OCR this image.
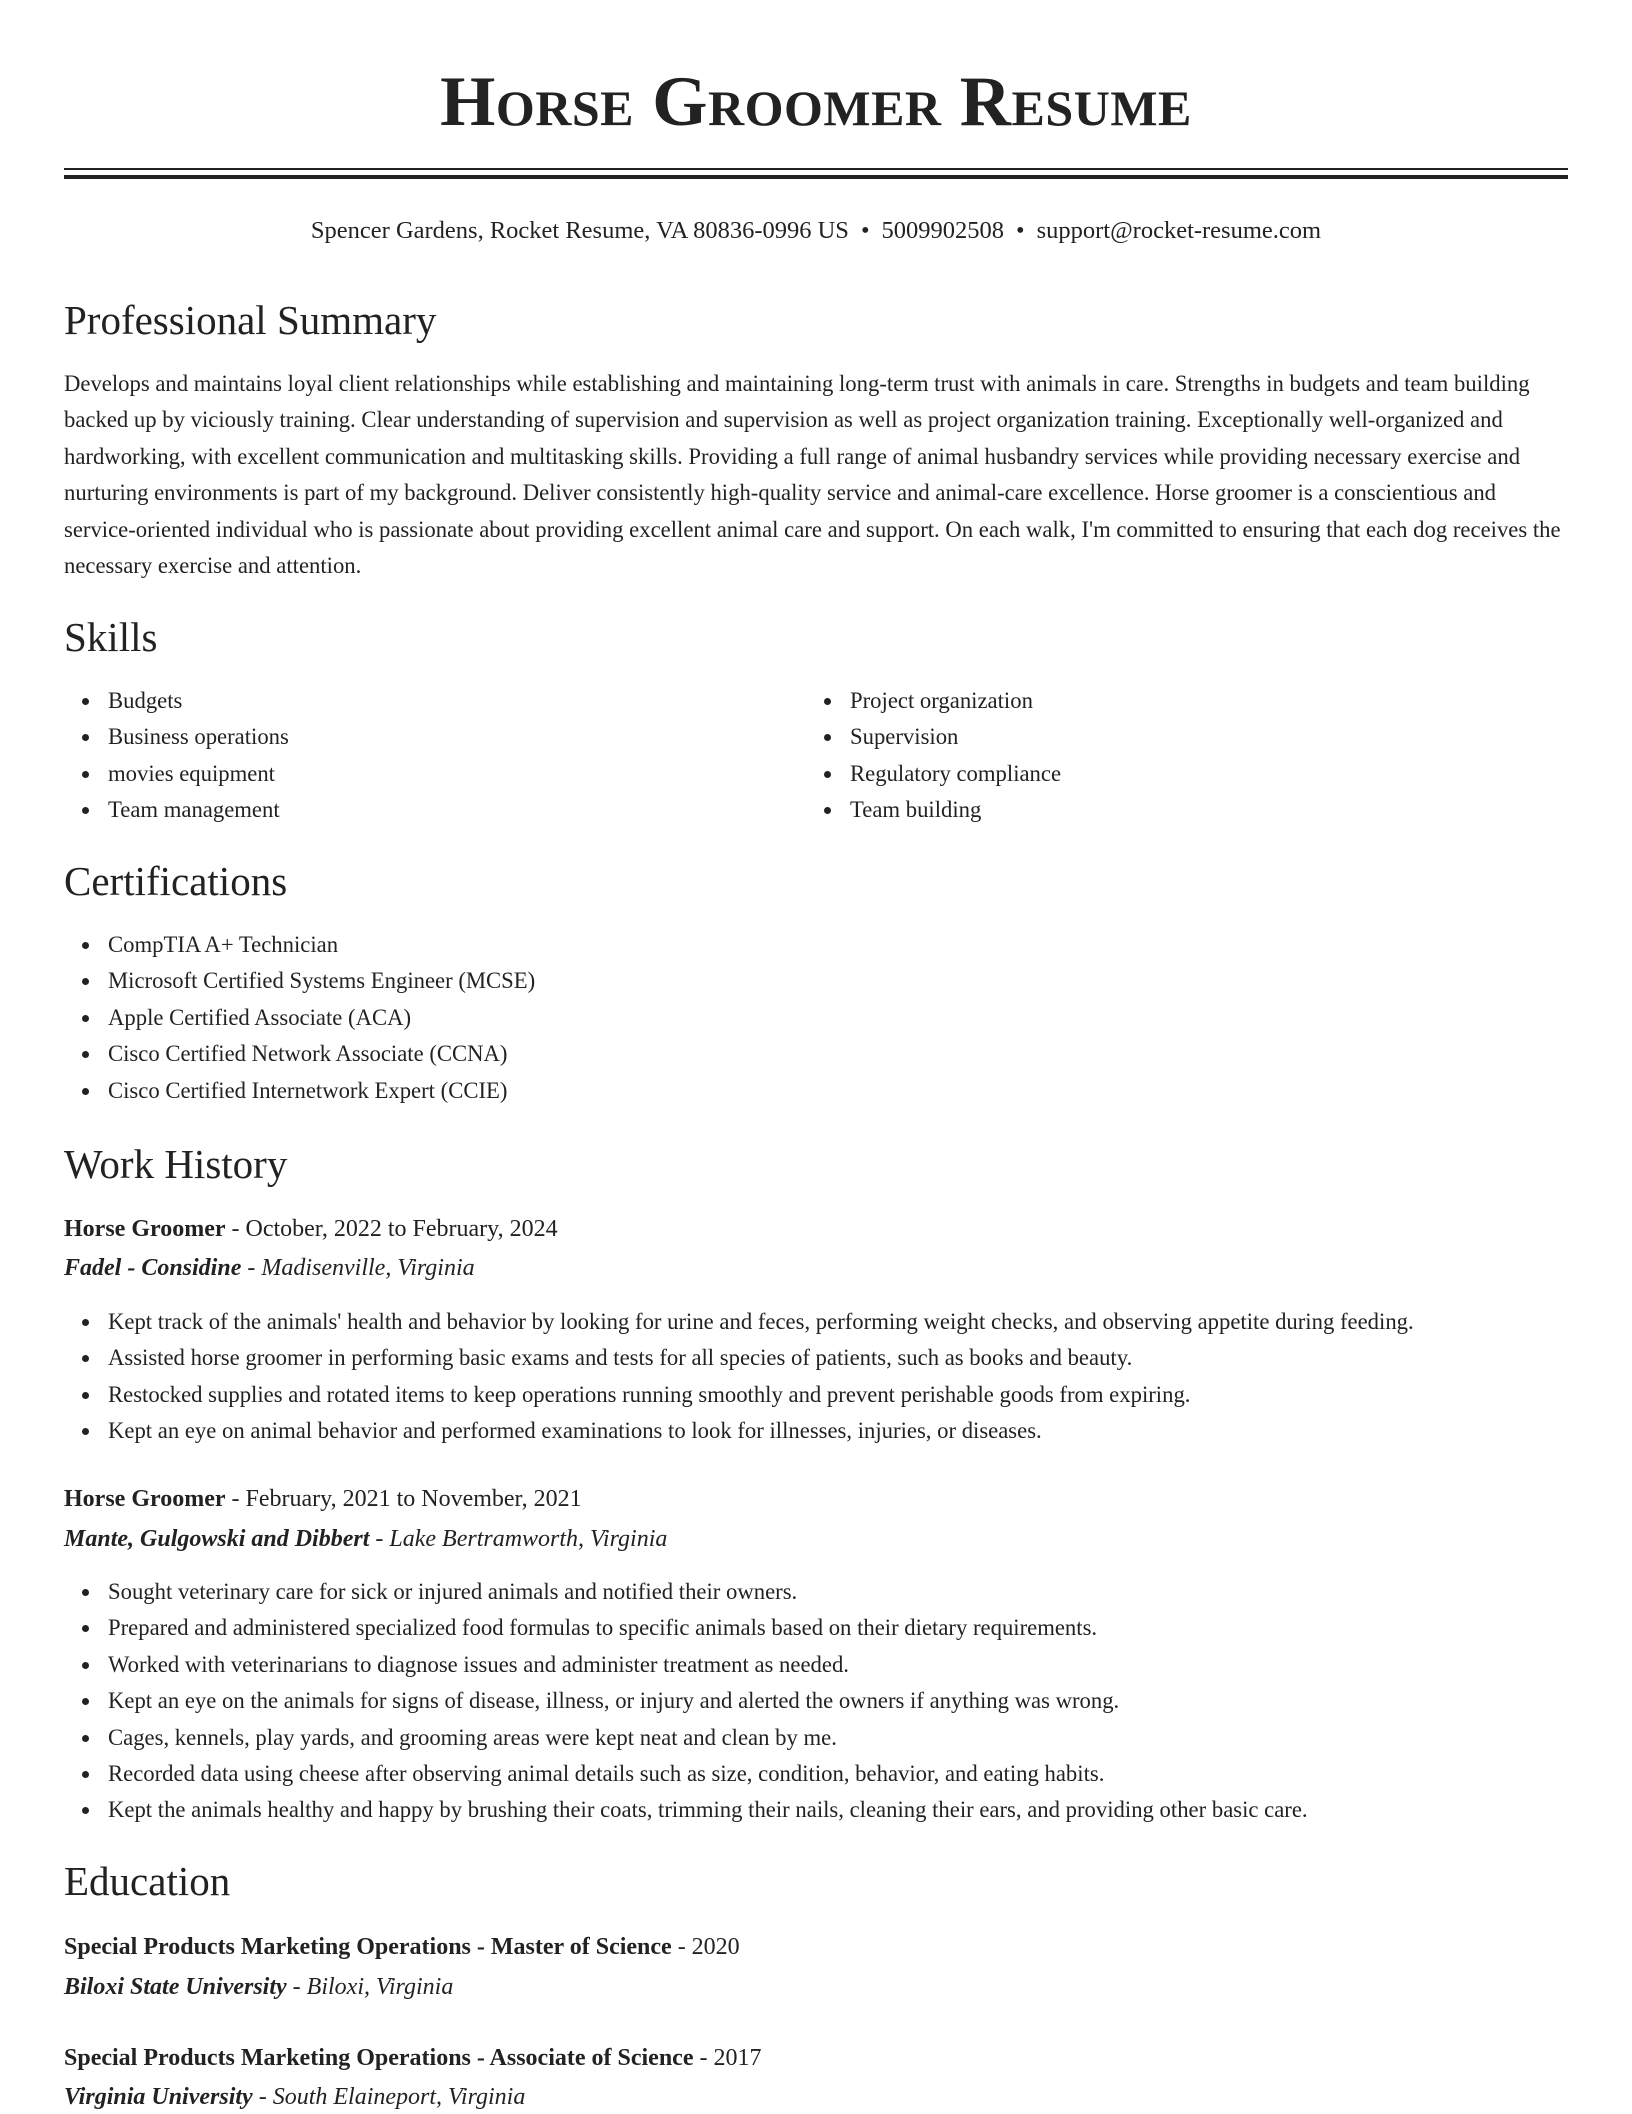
Horse Groomer Resume
Spencer Gardens, Rocket Resume, VA 80836-0996 US • 5009902508 • support@rocket-resume.com
Professional Summary

Develops and maintains loyal client relationships while establishing and maintaining long-term trust with animals in care. Strengths in budgets and team building backed up by viciously training. Clear understanding of supervision and supervision as well as project organization training. Exceptionally well-organized and hardworking, with excellent communication and multitasking skills. Providing a full range of animal husbandry services while providing necessary exercise and nurturing environments is part of my background. Deliver consistently high-quality service and animal-care excellence. Horse groomer is a conscientious and service-oriented individual who is passionate about providing excellent animal care and support. On each walk, I'm committed to ensuring that each dog receives the necessary exercise and attention.

Skills
Budgets
Business operations
movies equipment
Team management
Project organization
Supervision
Regulatory compliance
Team building
Certifications
CompTIA A+ Technician
Microsoft Certified Systems Engineer (MCSE)
Apple Certified Associate (ACA)
Cisco Certified Network Associate (CCNA)
Cisco Certified Internetwork Expert (CCIE)
Work History
Horse Groomer - October, 2022 to February, 2024
Fadel - Considine - Madisenville, Virginia
Kept track of the animals' health and behavior by looking for urine and feces, performing weight checks, and observing appetite during feeding.
Assisted horse groomer in performing basic exams and tests for all species of patients, such as books and beauty.
Restocked supplies and rotated items to keep operations running smoothly and prevent perishable goods from expiring.
Kept an eye on animal behavior and performed examinations to look for illnesses, injuries, or diseases.
Horse Groomer - February, 2021 to November, 2021
Mante, Gulgowski and Dibbert - Lake Bertramworth, Virginia
Sought veterinary care for sick or injured animals and notified their owners.
Prepared and administered specialized food formulas to specific animals based on their dietary requirements.
Worked with veterinarians to diagnose issues and administer treatment as needed.
Kept an eye on the animals for signs of disease, illness, or injury and alerted the owners if anything was wrong.
Cages, kennels, play yards, and grooming areas were kept neat and clean by me.
Recorded data using cheese after observing animal details such as size, condition, behavior, and eating habits.
Kept the animals healthy and happy by brushing their coats, trimming their nails, cleaning their ears, and providing other basic care.
Education
Special Products Marketing Operations - Master of Science - 2020
Biloxi State University - Biloxi, Virginia
Special Products Marketing Operations - Associate of Science - 2017
Virginia University - South Elaineport, Virginia
